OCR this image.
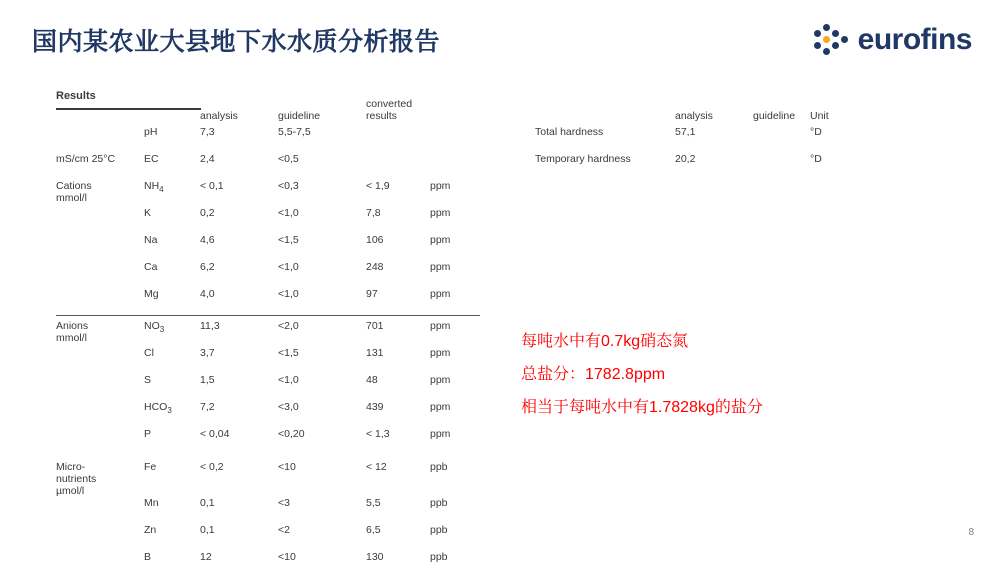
国内某农业大县地下水水质分析报告	eurofins
Results
		analysis	guideline	converted
results	
	pH	7,3	5,5-7,5		
mS/cm 25°C	EC	2,4	<0,5		

Cations
mmol/l	$NH_4$	< 0,1	<0,3	< 1,9	ppm
	K	0,2	<1,0	7,8	ppm
	Na	4,6	<1,5	106	ppm
	Ca	6,2	<1,0	248	ppm
	Mg	4,0	<1,0	97	ppm

Anions
mmol/l	$NO_3$	11,3	<2,0	701	ppm
	Cl	3,7	<1,5	131	ppm
	S	1,5	<1,0	48	ppm
	$HCO_3$	7,2	<3,0	439	ppm
	P	< 0,04	<0,20	< 1,3	ppm

Micro-
nutrients
µmol/l	Fe	< 0,2	<10	< 12	ppb
	Mn	0,1	<3	5,5	ppb
	Zn	0,1	<2	6,5	ppb
	B	12	<10	130	ppb
	analysis	guideline	Unit
Total hardness	57,1		°D
Temporary hardness	20,2		°D
每吨水中有0.7kg硝态氮
总盐分：1782.8ppm
相当于每吨水中有1.7828kg的盐分
8
